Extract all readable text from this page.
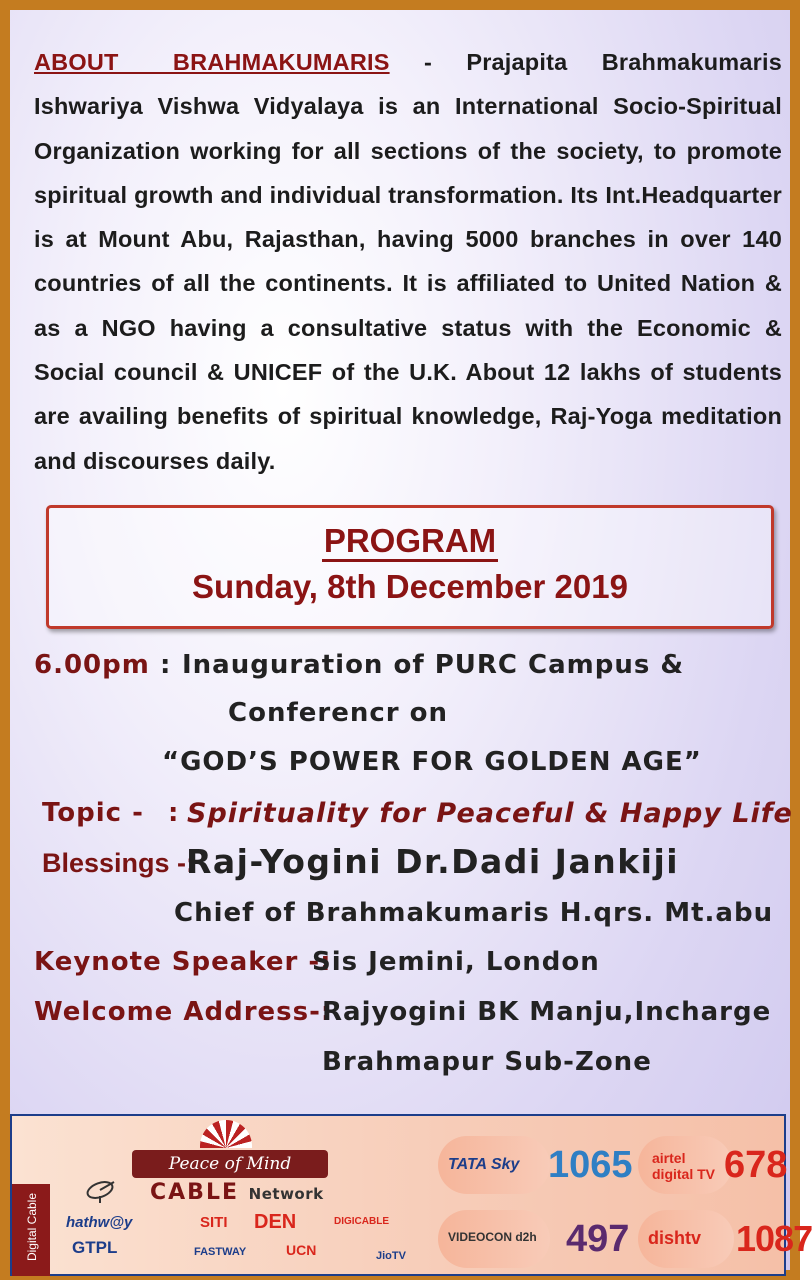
ABOUT BRAHMAKUMARIS - Prajapita Brahmakumaris Ishwariya Vishwa Vidyalaya is an International Socio-Spiritual Organization working for all sections of the society, to promote spiritual growth and individual transformation. Its Int.Headquarter is at Mount Abu, Rajasthan, having 5000 branches in over 140 countries of all the continents. It is affiliated to United Nation & as a NGO having a consultative status with the Economic & Social council & UNICEF of the U.K. About 12 lakhs of students are availing benefits of spiritual knowledge, Raj-Yoga meditation and discourses daily.
PROGRAM
Sunday, 8th December 2019
6.00pm : Inauguration of PURC Campus &
Conferencr on
“GOD’S POWER FOR GOLDEN AGE”
Topic - : Spirituality for Peaceful & Happy Life
Blessings -:
Raj-Yogini Dr.Dadi Jankiji
Chief of Brahmakumaris H.qrs. Mt.abu
Keynote Speaker -:
Sis Jemini, London
Welcome Address-:
Rajyogini BK Manju,Incharge
Brahmapur Sub-Zone
Digital Cable
Peace of Mind
CABLE Network
hathw@y	SITI DEN	DIGICABLE
GTPL	FASTWAY	UCN	JioTV
TATA Sky 1065 airtel digital TV 678
VIDEOCON d2h 497 dishtv 1087
